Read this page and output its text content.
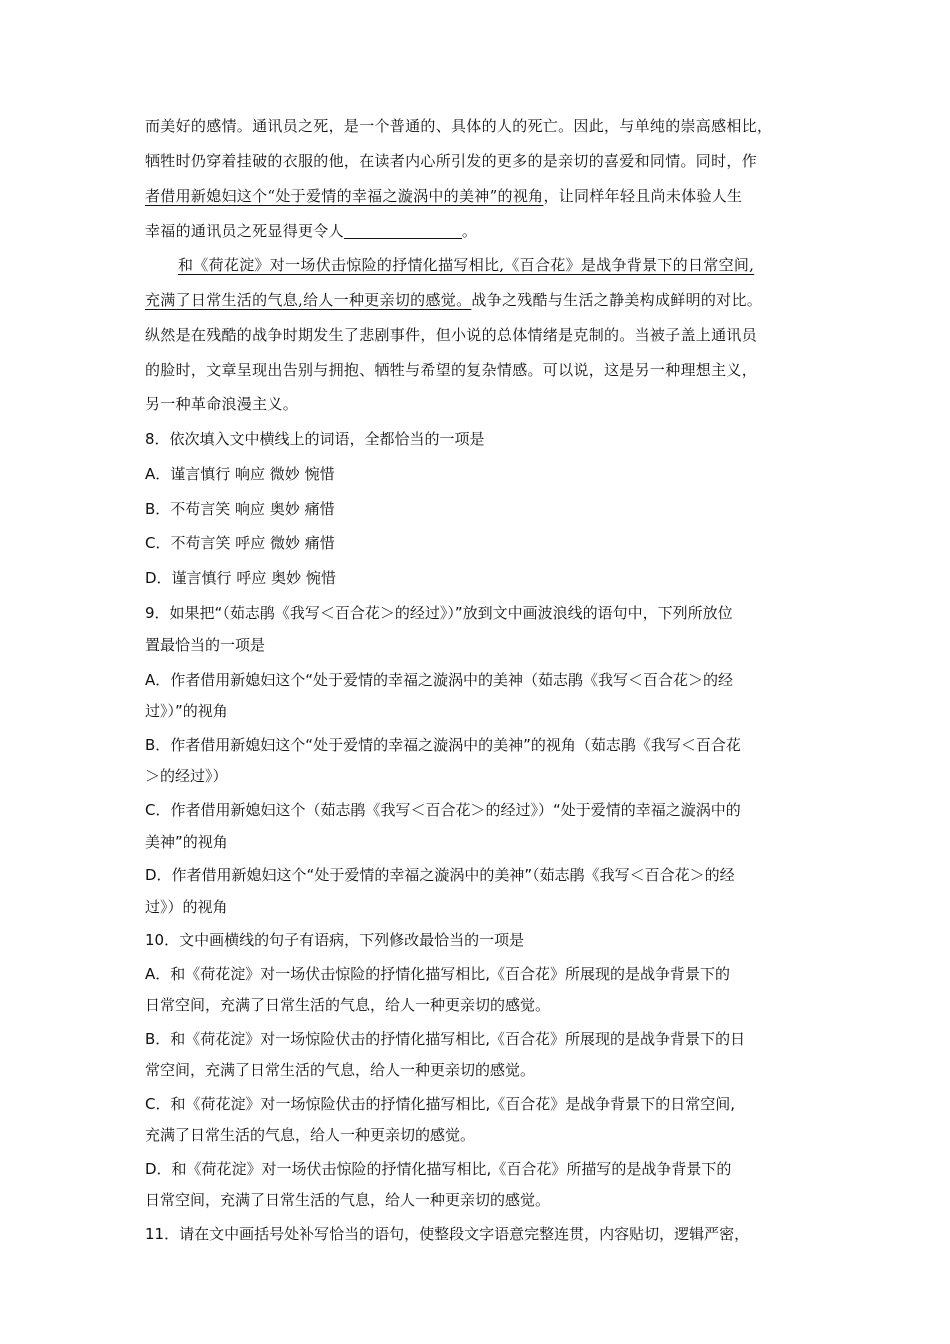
而美好的感情。通讯员之死，是一个普通的、具体的人的死亡。因此，与单纯的崇高感相比，
牺牲时仍穿着挂破的衣服的他，在读者内心所引发的更多的是亲切的喜爱和同情。同时，作
者借用新媳妇这个“处于爱情的幸福之漩涡中的美神”的视角，让同样年轻且尚未体验人生
幸福的通讯员之死显得更令人	。
和《荷花淀》对一场伏击惊险的抒情化描写相比,《百合花》是战争背景下的日常空间,
充满了日常生活的气息,给人一种更亲切的感觉。战争之残酷与生活之静美构成鲜明的对比。
纵然是在残酷的战争时期发生了悲剧事件，但小说的总体情绪是克制的。当被子盖上通讯员
的脸时，文章呈现出告别与拥抱、牺牲与希望的复杂情感。可以说，这是另一种理想主义，
另一种革命浪漫主义。
8．依次填入文中横线上的词语，全都恰当的一项是
A．谨言慎行 响应 微妙 惋惜
B．不苟言笑 响应 奥妙 痛惜
C．不苟言笑 呼应 微妙 痛惜
D．谨言慎行 呼应 奥妙 惋惜
9．如果把“（茹志鹃《我写＜百合花＞的经过》）”放到文中画波浪线的语句中，下列所放位
置最恰当的一项是
A．作者借用新媳妇这个“处于爱情的幸福之漩涡中的美神（茹志鹃《我写＜百合花＞的经
过》）”的视角
B．作者借用新媳妇这个“处于爱情的幸福之漩涡中的美神”的视角（茹志鹃《我写＜百合花
＞的经过》）
C．作者借用新媳妇这个（茹志鹃《我写＜百合花＞的经过》）“处于爱情的幸福之漩涡中的
美神”的视角
D．作者借用新媳妇这个“处于爱情的幸福之漩涡中的美神”（茹志鹃《我写＜百合花＞的经
过》）的视角
10．文中画横线的句子有语病，下列修改最恰当的一项是
A．和《荷花淀》对一场伏击惊险的抒情化描写相比,《百合花》所展现的是战争背景下的
日常空间，充满了日常生活的气息，给人一种更亲切的感觉。
B．和《荷花淀》对一场惊险伏击的抒情化描写相比,《百合花》所展现的是战争背景下的日
常空间，充满了日常生活的气息，给人一种更亲切的感觉。
C．和《荷花淀》对一场惊险伏击的抒情化描写相比,《百合花》是战争背景下的日常空间,
充满了日常生活的气息，给人一种更亲切的感觉。
D．和《荷花淀》对一场伏击惊险的抒情化描写相比,《百合花》所描写的是战争背景下的
日常空间，充满了日常生活的气息，给人一种更亲切的感觉。
11．请在文中画括号处补写恰当的语句，使整段文字语意完整连贯，内容贴切，逻辑严密，
